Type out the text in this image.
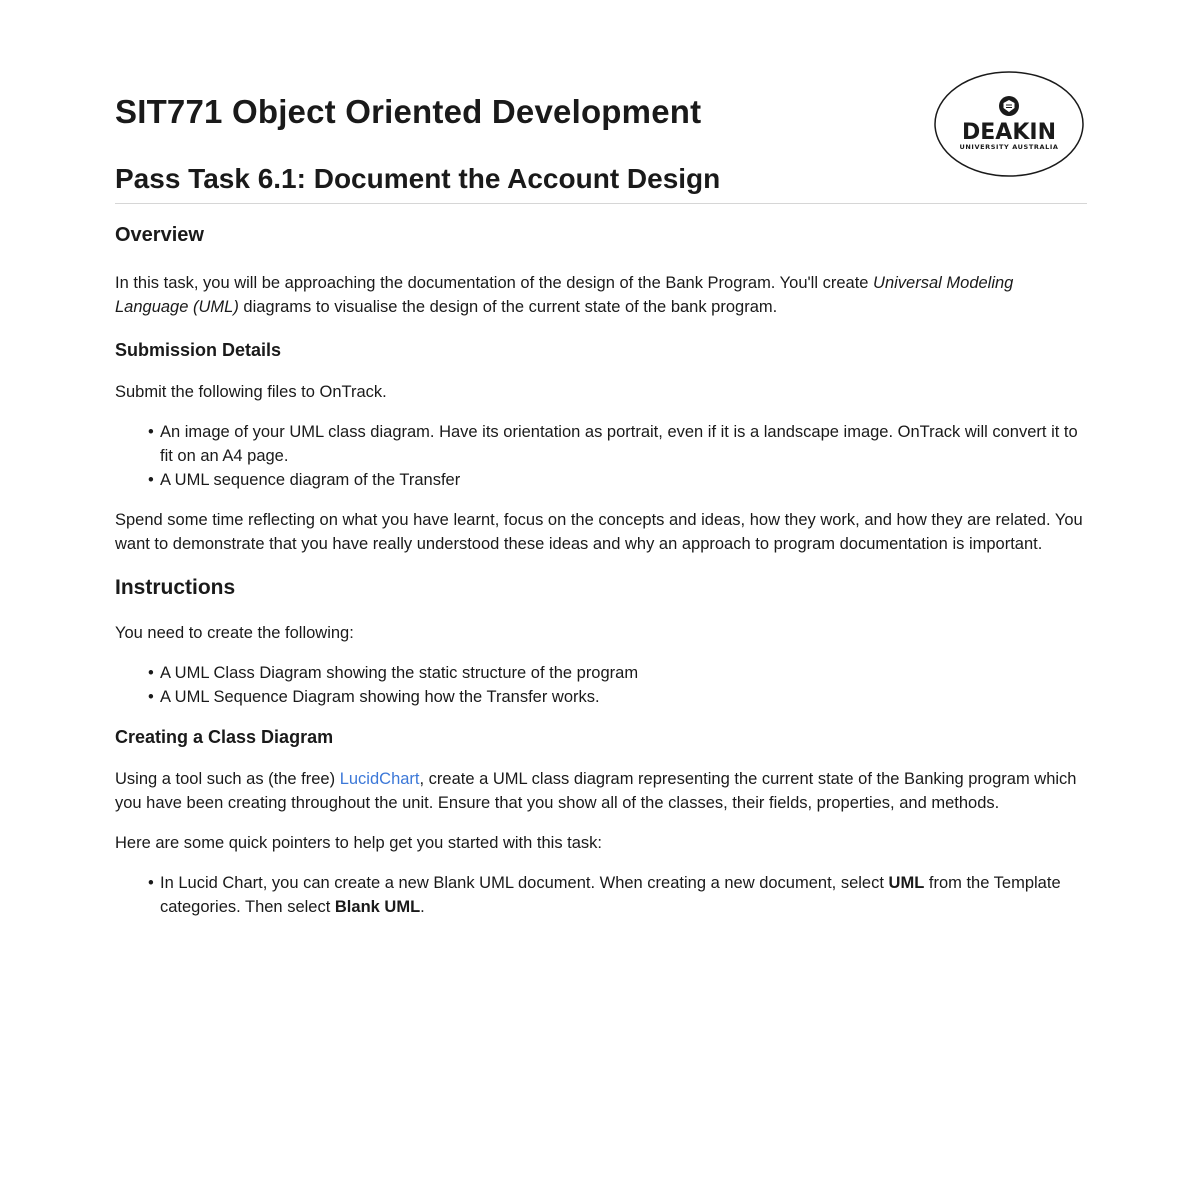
SIT771 Object Oriented Development
DEAKIN
UNIVERSITY AUSTRALIA
Pass Task 6.1: Document the Account Design
Overview

In this task, you will be approaching the documentation of the design of the Bank Program. You'll create Universal Modeling Language (UML) diagrams to visualise the design of the current state of the bank program.

Submission Details

Submit the following files to OnTrack.

• An image of your UML class diagram. Have its orientation as portrait, even if it is a landscape image. OnTrack will convert it to fit on an A4 page.
• A UML sequence diagram of the Transfer

Spend some time reflecting on what you have learnt, focus on the concepts and ideas, how they work, and how they are related. You want to demonstrate that you have really understood these ideas and why an approach to program documentation is important.

Instructions

You need to create the following:

• A UML Class Diagram showing the static structure of the program
• A UML Sequence Diagram showing how the Transfer works.
Creating a Class Diagram

Using a tool such as (the free) LucidChart, create a UML class diagram representing the current state of the Banking program which you have been creating throughout the unit. Ensure that you show all of the classes, their fields, properties, and methods.

Here are some quick pointers to help get you started with this task:

• In Lucid Chart, you can create a new Blank UML document. When creating a new document, select UML from the Template categories. Then select Blank UML.
